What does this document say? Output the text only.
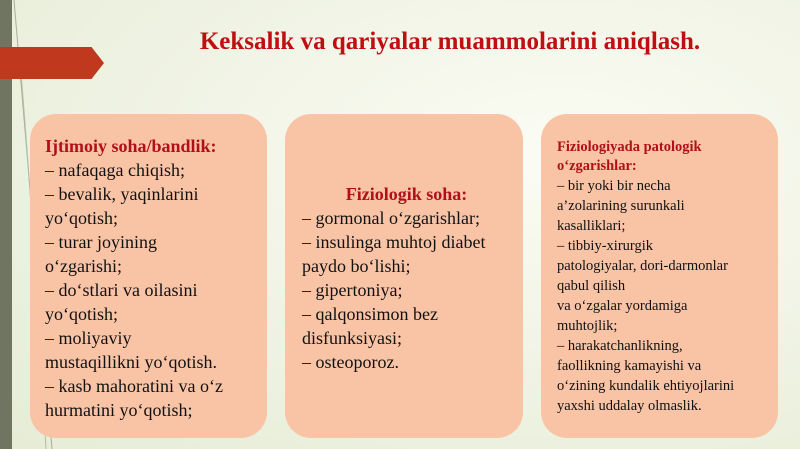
Keksalik va qariyalar muammolarini aniqlash.
Ijtimoiy soha/bandlik:
– nafaqaga chiqish;
– bevalik, yaqinlarini
yo‘qotish;
– turar joyining
o‘zgarishi;
– do‘stlari va oilasini
yo‘qotish;
– moliyaviy
mustaqillikni yo‘qotish.
– kasb mahoratini va o‘z
hurmatini yo‘qotish;
Fiziologik soha:
– gormonal o‘zgarishlar;
– insulinga muhtoj diabet
paydo bo‘lishi;
– gipertoniya;
– qalqonsimon bez
disfunksiyasi;
– osteoporoz.
Fiziologiyada patologik
o‘zgarishlar:
– bir yoki bir necha
a’zolarining surunkali
kasalliklari;
– tibbiy-xirurgik
patologiyalar, dori-darmonlar
qabul qilish
va o‘zgalar yordamiga
muhtojlik;
– harakatchanlikning,
faollikning kamayishi va
o‘zining kundalik ehtiyojlarini
yaxshi uddalay olmaslik.
